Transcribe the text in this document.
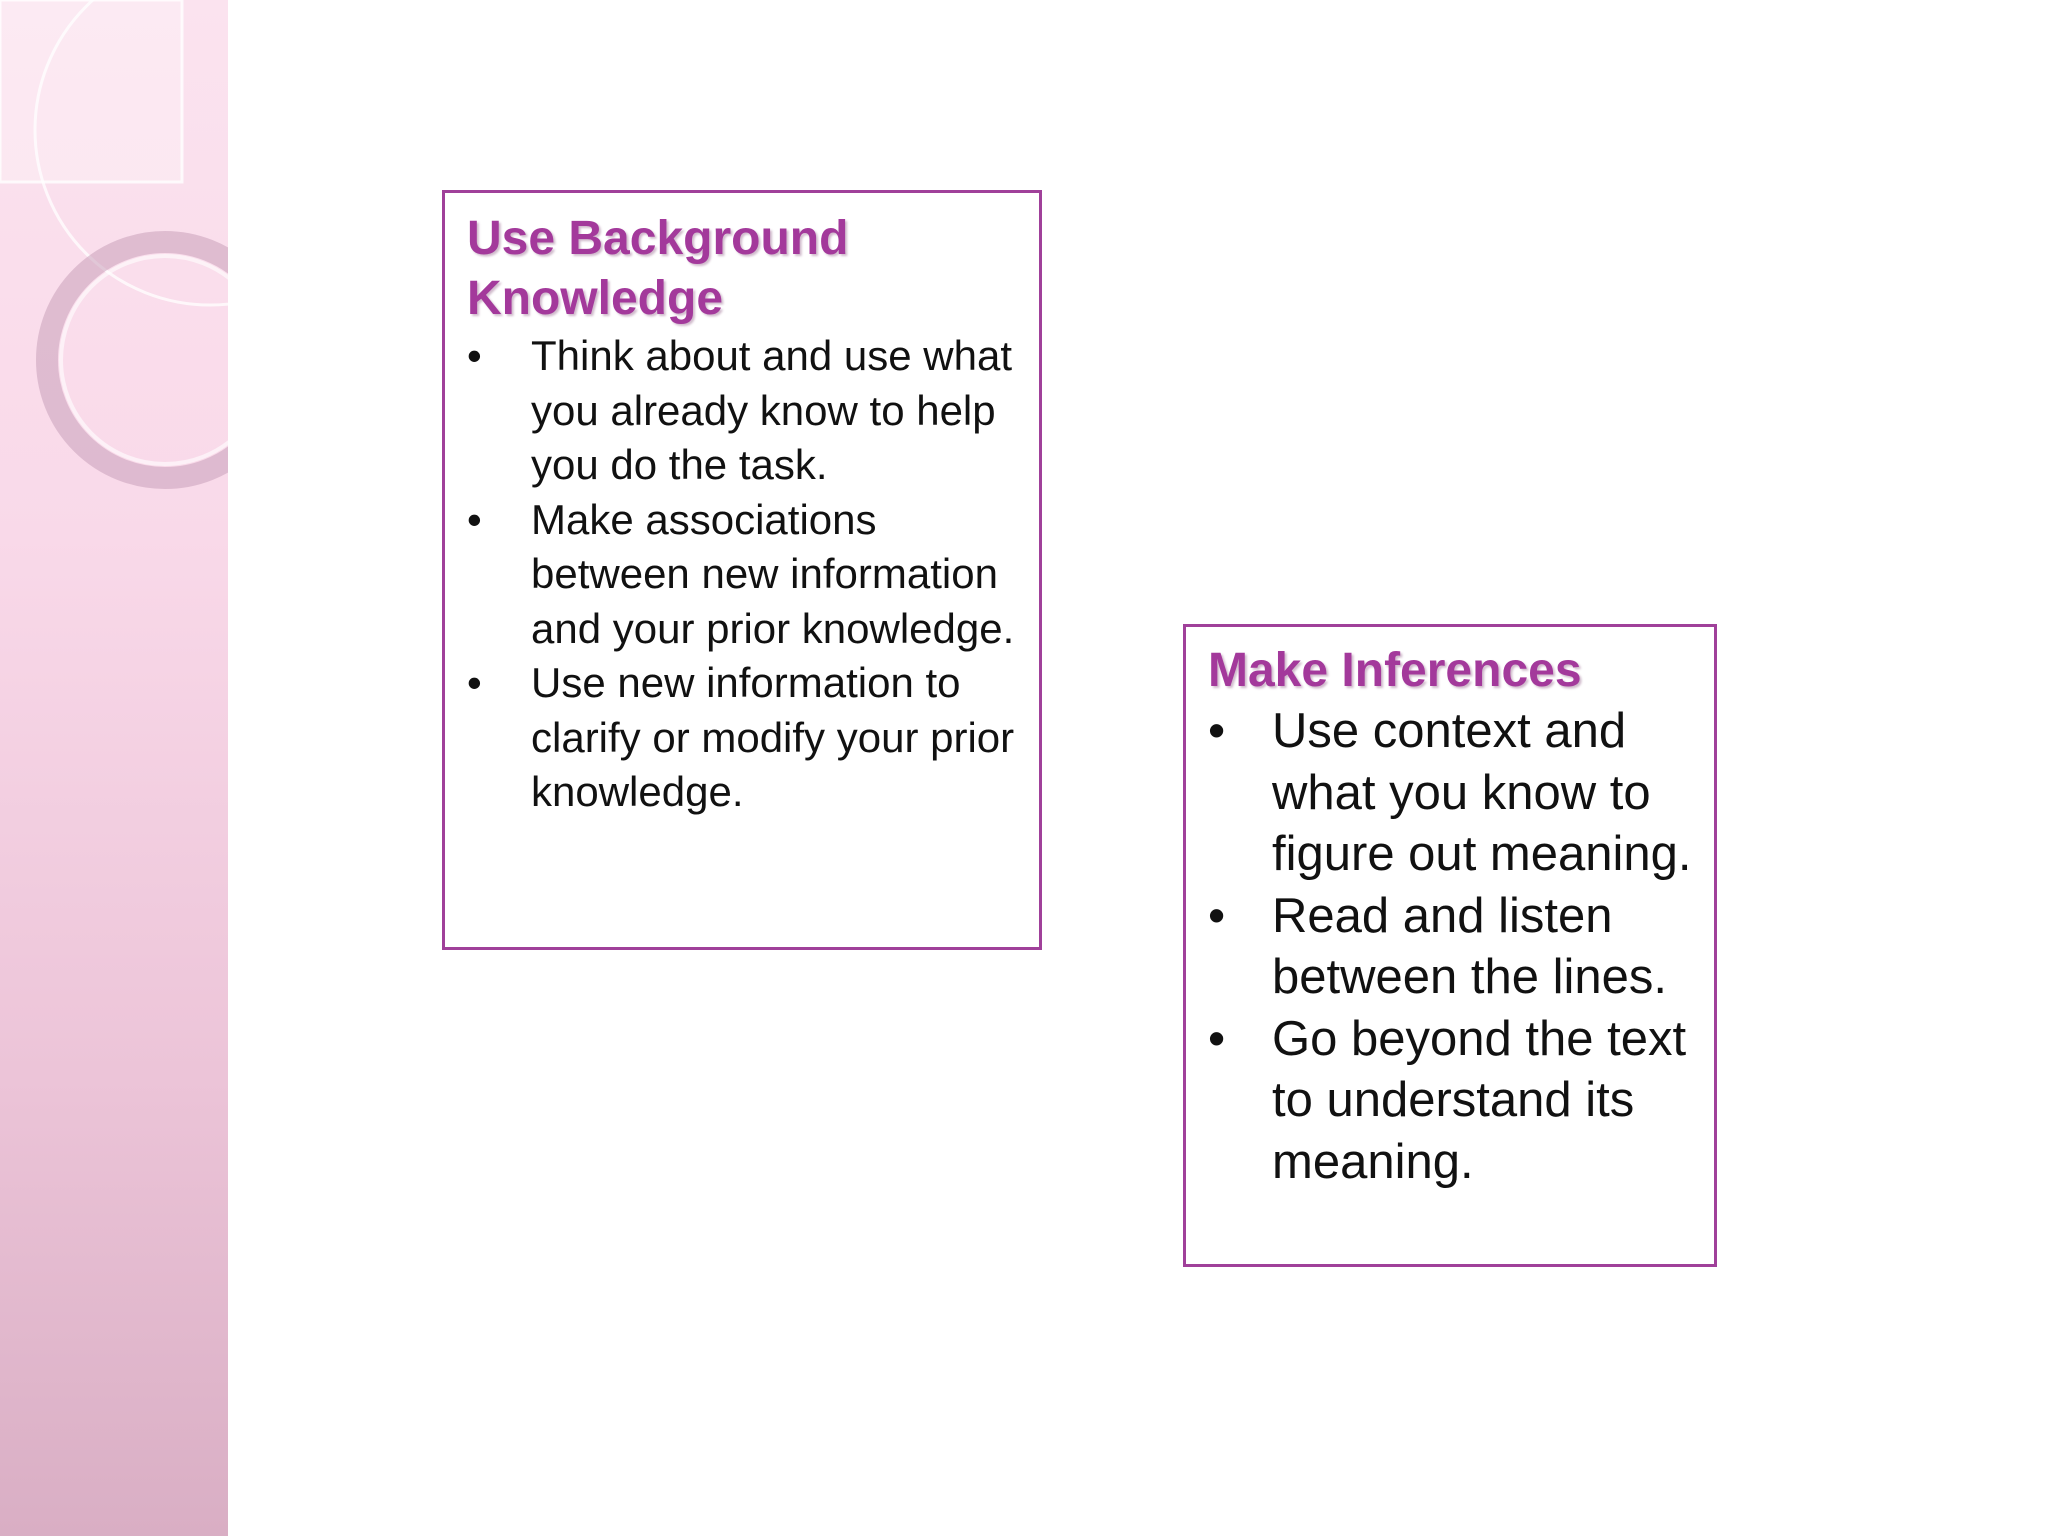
Use Background Knowledge
• Think about and use what you already know to help you do the task.
• Make associations between new information and your prior knowledge.
• Use new information to clarify or modify your prior knowledge.
Make Inferences
• Use context and what you know to figure out meaning.
• Read and listen between the lines.
• Go beyond the text to understand its meaning.
